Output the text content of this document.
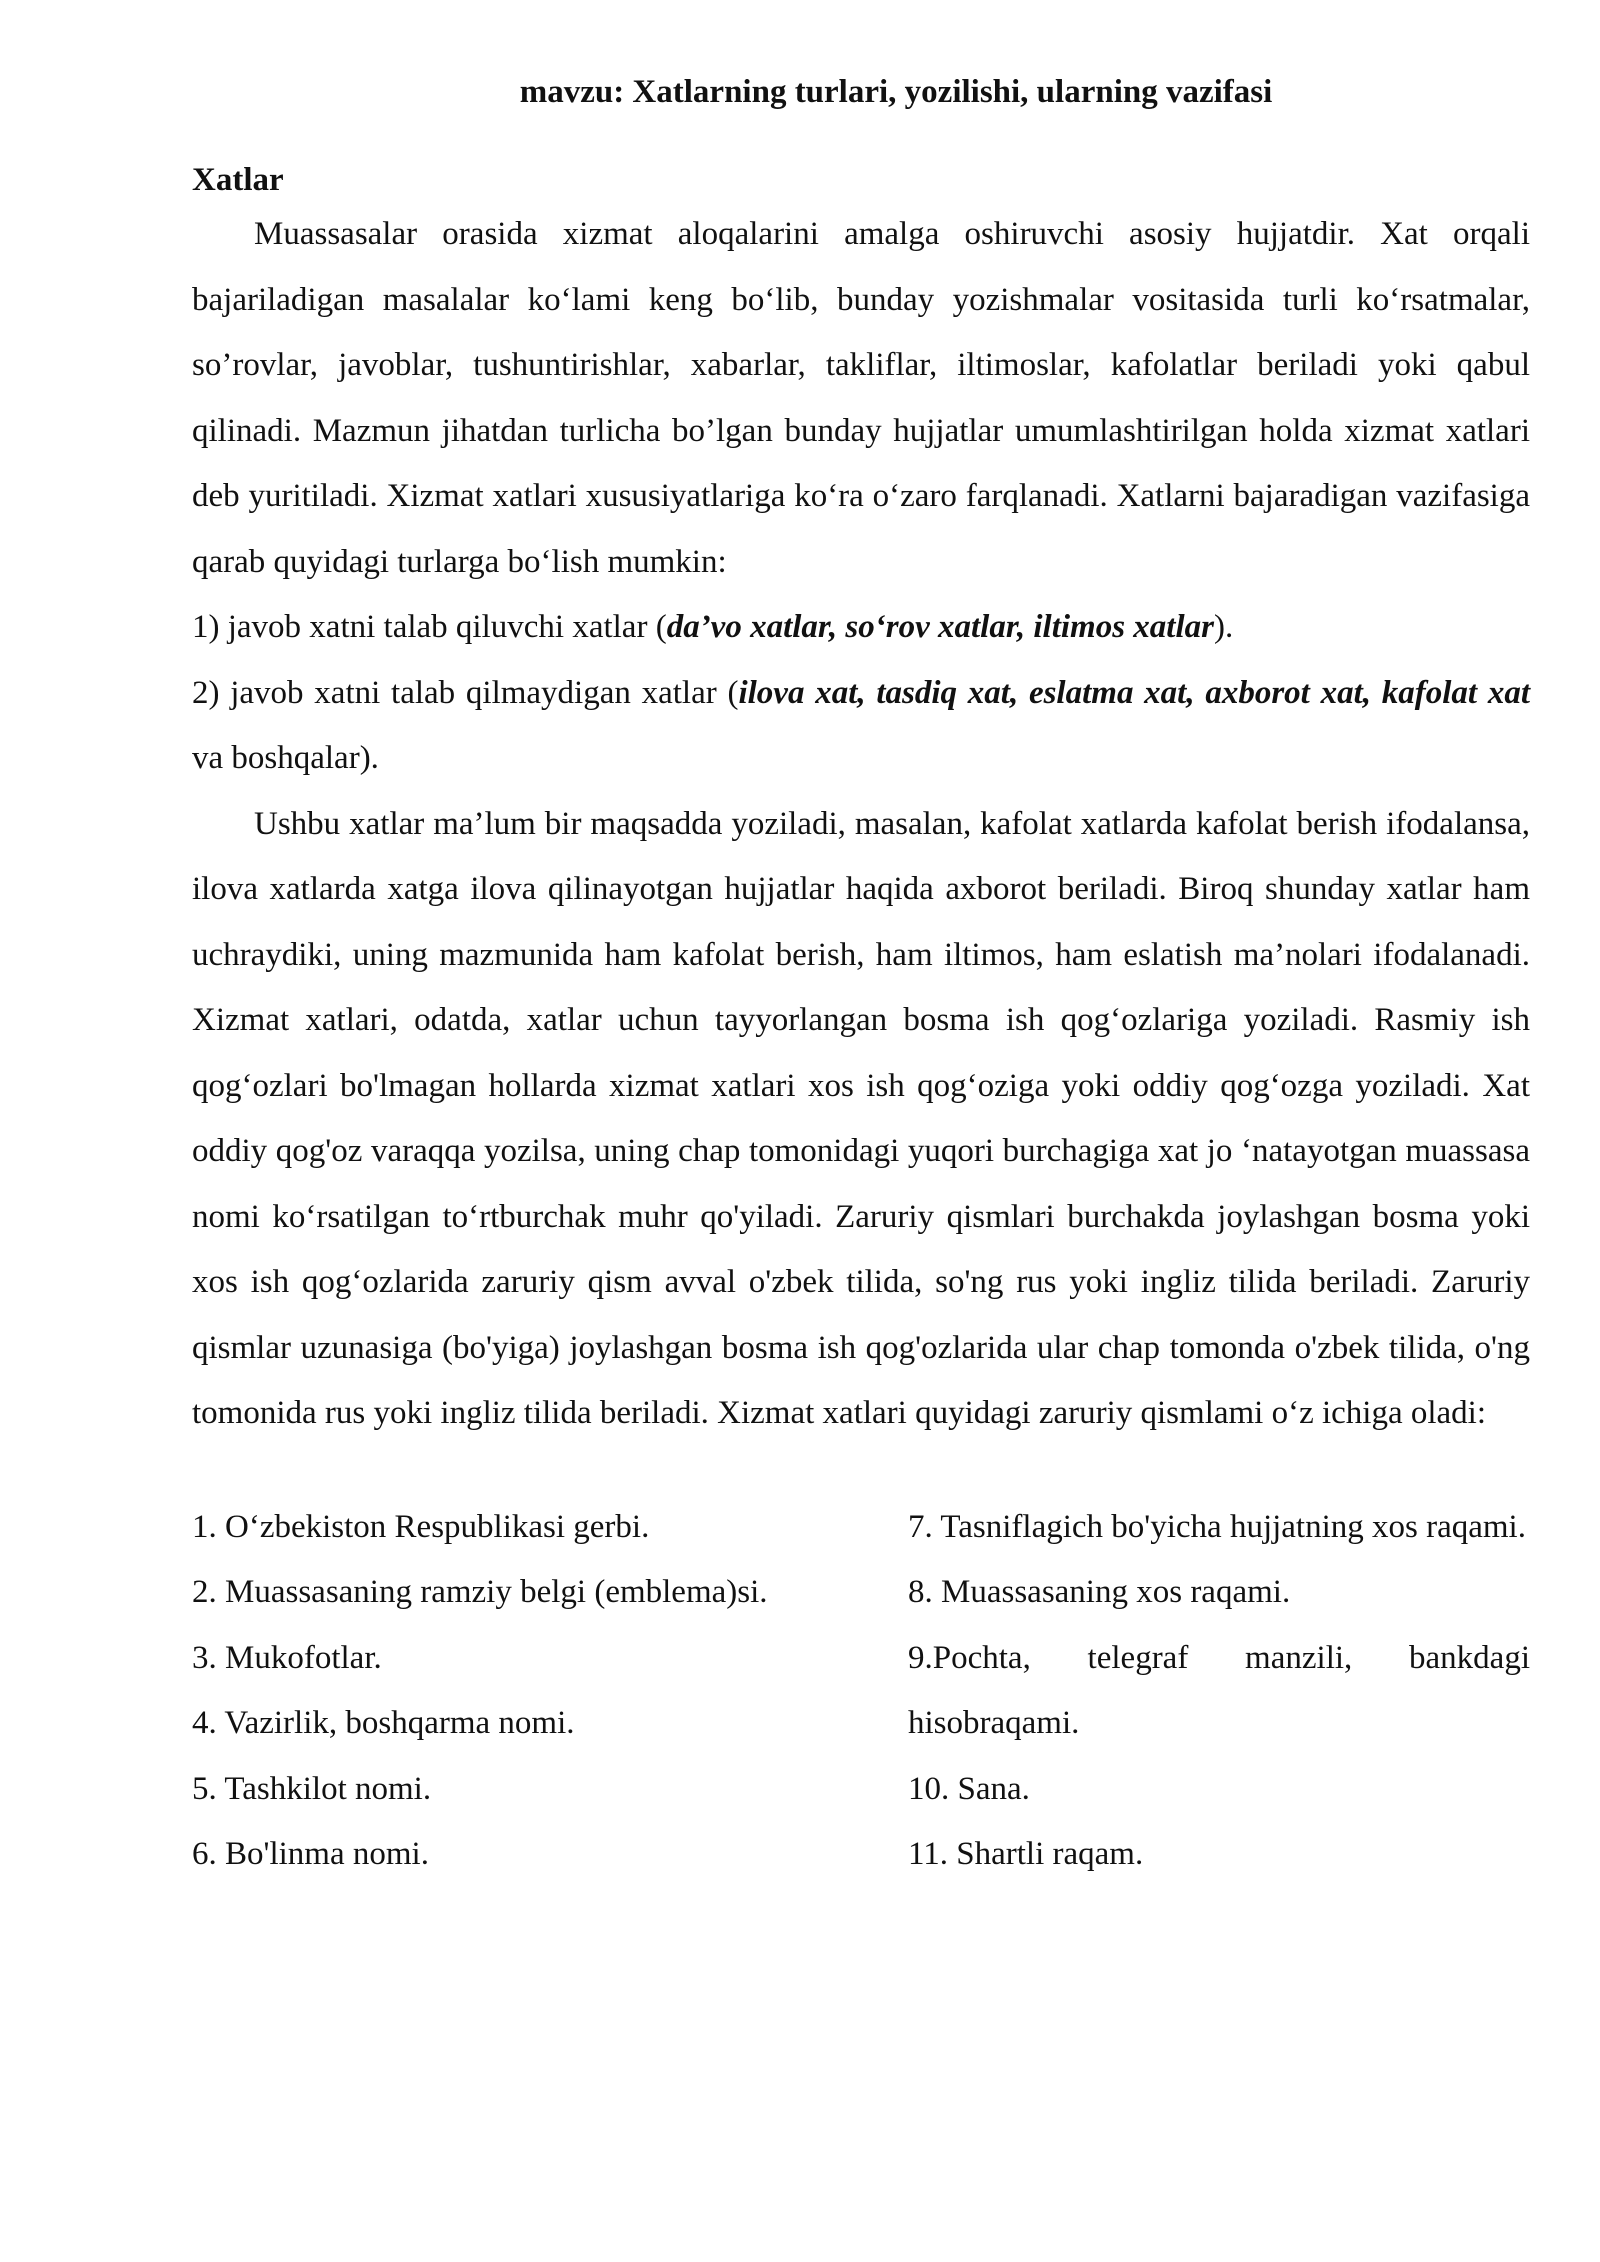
mavzu: Xatlarning turlari, yozilishi, ularning vazifasi
Xatlar

Muassasalar orasida xizmat aloqalarini amalga oshiruvchi asosiy hujjatdir. Xat orqali bajariladigan masalalar koʻlami keng boʻlib, bunday yozishmalar vositasida turli koʻrsatmalar, so’rovlar, javoblar, tushuntirishlar, xabarlar, takliflar, iltimoslar, kafolatlar beriladi yoki qabul qilinadi. Mazmun jihatdan turlicha bo’lgan bunday hujjatlar umumlashtirilgan holda xizmat xatlari deb yuritiladi. Xizmat xatlari xususiyatlariga koʻra oʻzaro farqlanadi. Xatlarni bajaradigan vazifasiga qarab quyidagi turlarga boʻlish mumkin:

1) javob xatni talab qiluvchi xatlar (da’vo xatlar, soʻrov xatlar, iltimos xatlar).

2) javob xatni talab qilmaydigan xatlar (ilova xat, tasdiq xat, eslatma xat, axborot xat, kafolat xat va boshqalar).

Ushbu xatlar ma’lum bir maqsadda yoziladi, masalan, kafolat xatlarda kafolat berish ifodalansa, ilova xatlarda xatga ilova qilinayotgan hujjatlar haqida axborot beriladi. Biroq shunday xatlar ham uchraydiki, uning mazmunida ham kafolat berish, ham iltimos, ham eslatish ma’nolari ifodalanadi. Xizmat xatlari, odatda, xatlar uchun tayyorlangan bosma ish qogʻozlariga yoziladi. Rasmiy ish qogʻozlari bo'lmagan hollarda xizmat xatlari xos ish qogʻoziga yoki oddiy qogʻozga yoziladi. Xat oddiy qog'oz varaqqa yozilsa, uning chap tomonidagi yuqori burchagiga xat jo ‘natayotgan muassasa nomi koʻrsatilgan toʻrtburchak muhr qo'yiladi. Zaruriy qismlari burchakda joylashgan bosma yoki xos ish qogʻozlarida zaruriy qism avval o'zbek tilida, so'ng rus yoki ingliz tilida beriladi. Zaruriy qismlar uzunasiga (bo'yiga) joylashgan bosma ish qog'ozlarida ular chap tomonda o'zbek tilida, o'ng tomonida rus yoki ingliz tilida beriladi. Xizmat xatlari quyidagi zaruriy qismlami oʻz ichiga oladi:

1. Oʻzbekiston Respublikasi gerbi.

2. Muassasaning ramziy belgi (emblema)si.

3. Mukofotlar.

4. Vazirlik, boshqarma nomi.

5. Tashkilot nomi.

6. Bo'linma nomi.

7. Tasniflagich bo'yicha hujjatning xos raqami.

8. Muassasaning xos raqami.

9.Pochta, telegraf manzili, bankdagi hisobraqami.

10. Sana.

11. Shartli raqam.
